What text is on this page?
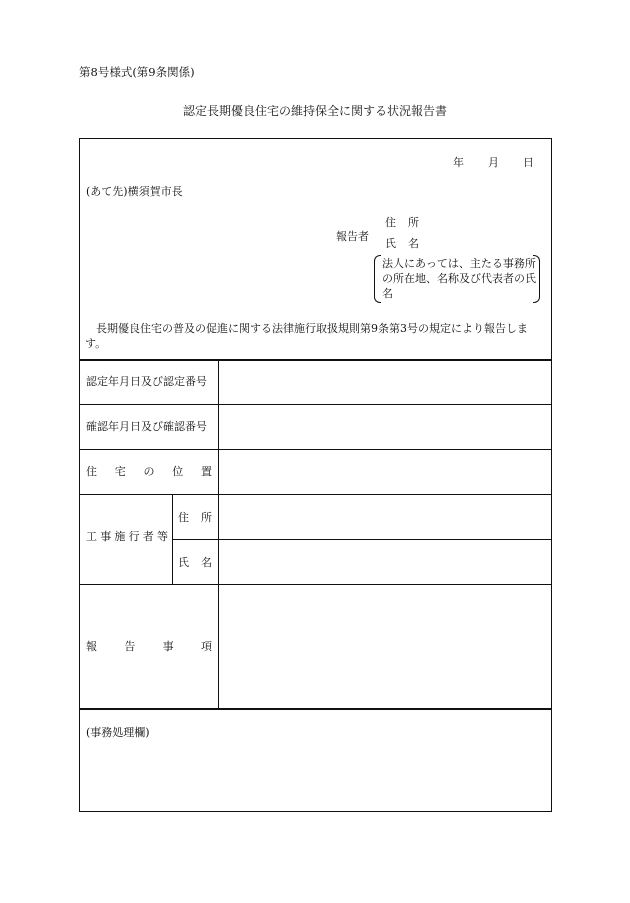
第8号様式(第9条関係)
認定長期優良住宅の維持保全に関する状況報告書
年 月 日
(あて先)横須賀市長
報告者
住所
氏名
法人にあっては、主たる事務所の所在地、名称及び代表者の氏名
長期優良住宅の普及の促進に関する法律施行取扱規則第9条第3号の規定により報告します。
認定年月日及び認定番号
確認年月日及び確認番号
住 宅 の 位 置
工 事 施 行 者 等
住 所
氏 名
報 告 事 項
(事務処理欄)
